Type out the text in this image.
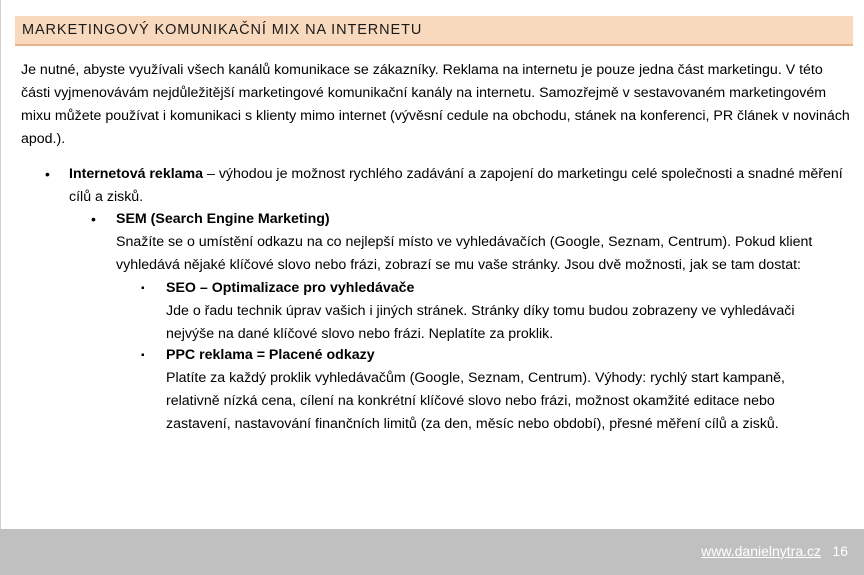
MARKETINGOVÝ KOMUNIKAČNÍ MIX NA INTERNETU
Je nutné, abyste využívali všech kanálů komunikace se zákazníky. Reklama na internetu je pouze jedna část marketingu. V této části vyjmenovávám nejdůležitější marketingové komunikační kanály na internetu. Samozřejmě v sestavovaném marketingovém mixu můžete používat i komunikaci s klienty mimo internet (vývěsní cedule na obchodu, stánek na konferenci, PR článek v novinách apod.).
•	Internetová reklama – výhodou je možnost rychlého zadávání a zapojení do marketingu celé společnosti a snadné měření cílů a zisků.
•	SEM (Search Engine Marketing)
Snažíte se o umístění odkazu na co nejlepší místo ve vyhledávačích (Google, Seznam, Centrum). Pokud klient vyhledává nějaké klíčové slovo nebo frázi, zobrazí se mu vaše stránky. Jsou dvě možnosti, jak se tam dostat:
▪	SEO – Optimalizace pro vyhledávače
Jde o řadu technik úprav vašich i jiných stránek. Stránky díky tomu budou zobrazeny ve vyhledávači nejvýše na dané klíčové slovo nebo frázi. Neplatíte za proklik.
▪	PPC reklama = Placené odkazy
Platíte za každý proklik vyhledávačům (Google, Seznam, Centrum). Výhody: rychlý start kampaně, relativně nízká cena, cílení na konkrétní klíčové slovo nebo frázi, možnost okamžité editace nebo zastavení, nastavování finančních limitů (za den, měsíc nebo období), přesné měření cílů a zisků.
www.danielnytra.cz 16
